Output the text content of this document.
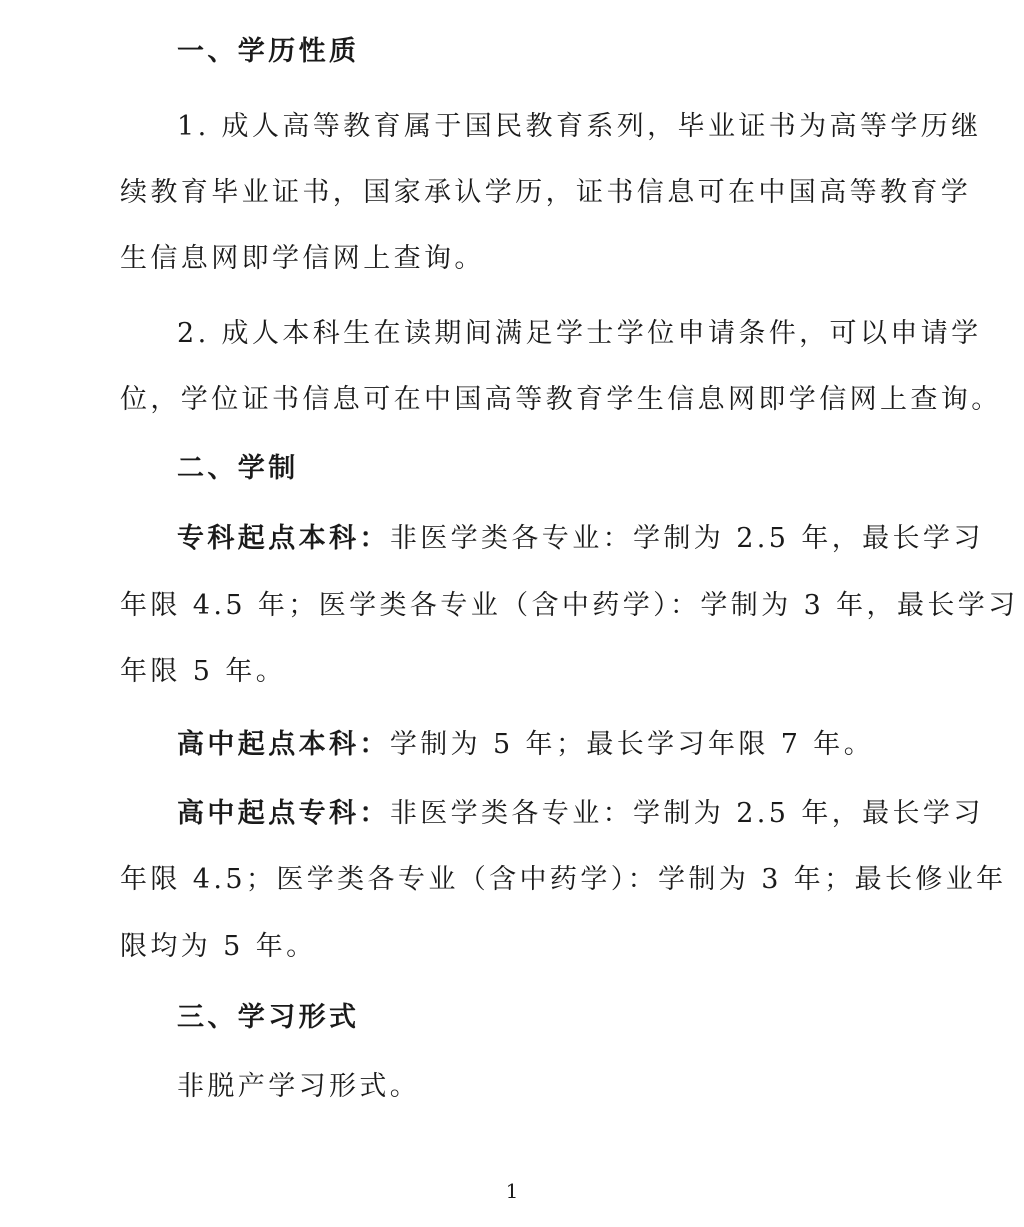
一、学历性质
1. 成人高等教育属于国民教育系列，毕业证书为高等学历继
续教育毕业证书，国家承认学历，证书信息可在中国高等教育学
生信息网即学信网上查询。
2. 成人本科生在读期间满足学士学位申请条件，可以申请学
位，学位证书信息可在中国高等教育学生信息网即学信网上查询。
二、学制
专科起点本科：非医学类各专业：学制为 2.5 年，最长学习
年限 4.5 年；医学类各专业（含中药学）：学制为 3 年，最长学习
年限 5 年。
高中起点本科：学制为 5 年；最长学习年限 7 年。
高中起点专科：非医学类各专业：学制为 2.5 年，最长学习
年限 4.5；医学类各专业（含中药学）：学制为 3 年；最长修业年
限均为 5 年。
三、学习形式
非脱产学习形式。
1
